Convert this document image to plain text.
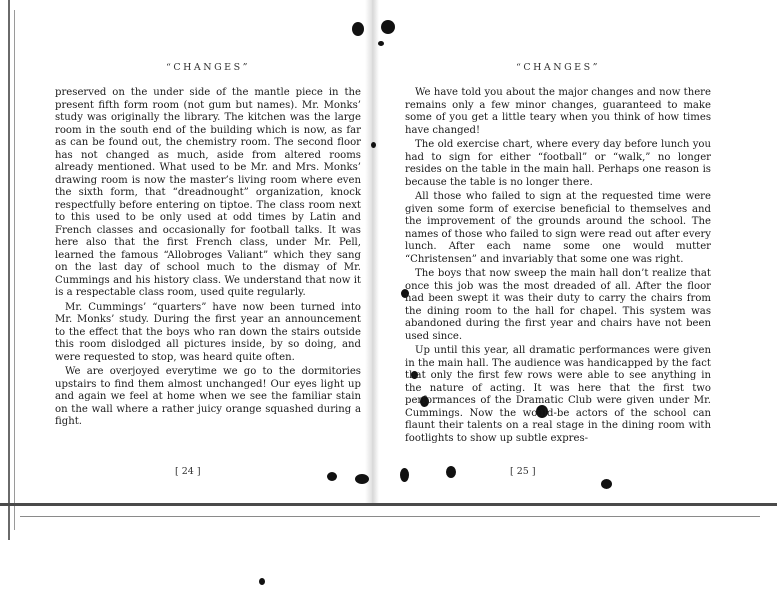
“CHANGES”

preserved on the under side of the mantle piece in the present fifth form room (not gum but names). Mr. Monks’ study was originally the library. The kitchen was the large room in the south end of the building which is now, as far as can be found out, the chemistry room. The second floor has not changed as much, aside from altered rooms already mentioned. What used to be Mr. and Mrs. Monks’ drawing room is now the master’s living room where even the sixth form, that “dreadnought” organization, knock respectfully before entering on tiptoe. The class room next to this used to be only used at odd times by Latin and French classes and occasionally for football talks. It was here also that the first French class, under Mr. Pell, learned the famous “Allobroges Valiant” which they sang on the last day of school much to the dismay of Mr. Cummings and his history class. We understand that now it is a respectable class room, used quite regularly.

Mr. Cummings’ “quarters” have now been turned into Mr. Monks’ study. During the first year an announcement to the effect that the boys who ran down the stairs outside this room dislodged all pictures inside, by so doing, and were requested to stop, was heard quite often.

We are overjoyed everytime we go to the dormitories upstairs to find them almost unchanged! Our eyes light up and again we feel at home when we see the familiar stain on the wall where a rather juicy orange squashed during a fight.

[ 24 ]
“CHANGES”

We have told you about the major changes and now there remains only a few minor changes, guaranteed to make some of you get a little teary when you think of how times have changed!

The old exercise chart, where every day before lunch you had to sign for either “football” or “walk,” no longer resides on the table in the main hall. Perhaps one reason is because the table is no longer there.

All those who failed to sign at the requested time were given some form of exercise beneficial to themselves and the improvement of the grounds around the school. The names of those who failed to sign were read out after every lunch. After each name some one would mutter “Christensen” and invariably that some one was right.

The boys that now sweep the main hall don’t realize that once this job was the most dreaded of all. After the floor had been swept it was their duty to carry the chairs from the dining room to the hall for chapel. This system was abandoned during the first year and chairs have not been used since.

Up until this year, all dramatic performances were given in the main hall. The audience was handicapped by the fact that only the first few rows were able to see anything in the nature of acting. It was here that the first two performances of the Dramatic Club were given under Mr. Cummings. Now the would-be actors of the school can flaunt their talents on a real stage in the dining room with footlights to show up subtle expres-

[ 25 ]
